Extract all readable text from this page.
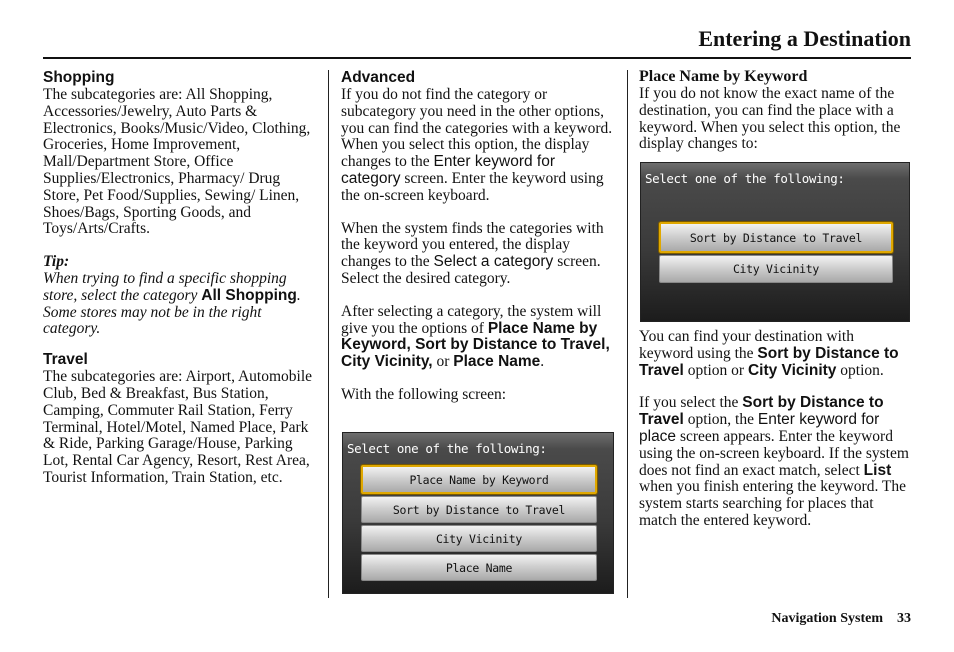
Entering a Destination

Shopping

The subcategories are: All Shopping, Accessories/Jewelry, Auto Parts & Electronics, Books/Music/Video, Clothing, Groceries, Home Improvement, Mall/Department Store, Office Supplies/Electronics, Pharmacy/ Drug Store, Pet Food/Supplies, Sewing/ Linen, Shoes/Bags, Sporting Goods, and Toys/Arts/Crafts.

Tip:

When trying to find a specific shopping store, select the category All Shopping. Some stores may not be in the right category.

Travel

The subcategories are: Airport, Automobile Club, Bed & Breakfast, Bus Station, Camping, Commuter Rail Station, Ferry Terminal, Hotel/Motel, Named Place, Park & Ride, Parking Garage/House, Parking Lot, Rental Car Agency, Resort, Rest Area, Tourist Information, Train Station, etc.

Advanced

If you do not find the category or subcategory you need in the other options, you can find the categories with a keyword. When you select this option, the display changes to the Enter keyword for category screen. Enter the keyword using the on-screen keyboard.

When the system finds the categories with the keyword you entered, the display changes to the Select a category screen. Select the desired category.

After selecting a category, the system will give you the options of Place Name by Keyword, Sort by Distance to Travel, City Vicinity, or Place Name.

With the following screen:

Select one of the following:
Place Name by Keyword
Sort by Distance to Travel
City Vicinity
Place Name

Place Name by Keyword

If you do not know the exact name of the destination, you can find the place with a keyword. When you select this option, the display changes to:

Select one of the following:
Sort by Distance to Travel
City Vicinity

You can find your destination with keyword using the Sort by Distance to Travel option or City Vicinity option.

If you select the Sort by Distance to Travel option, the Enter keyword for place screen appears. Enter the keyword using the on-screen keyboard. If the system does not find an exact match, select List when you finish entering the keyword. The system starts searching for places that match the entered keyword.

Navigation System 33
